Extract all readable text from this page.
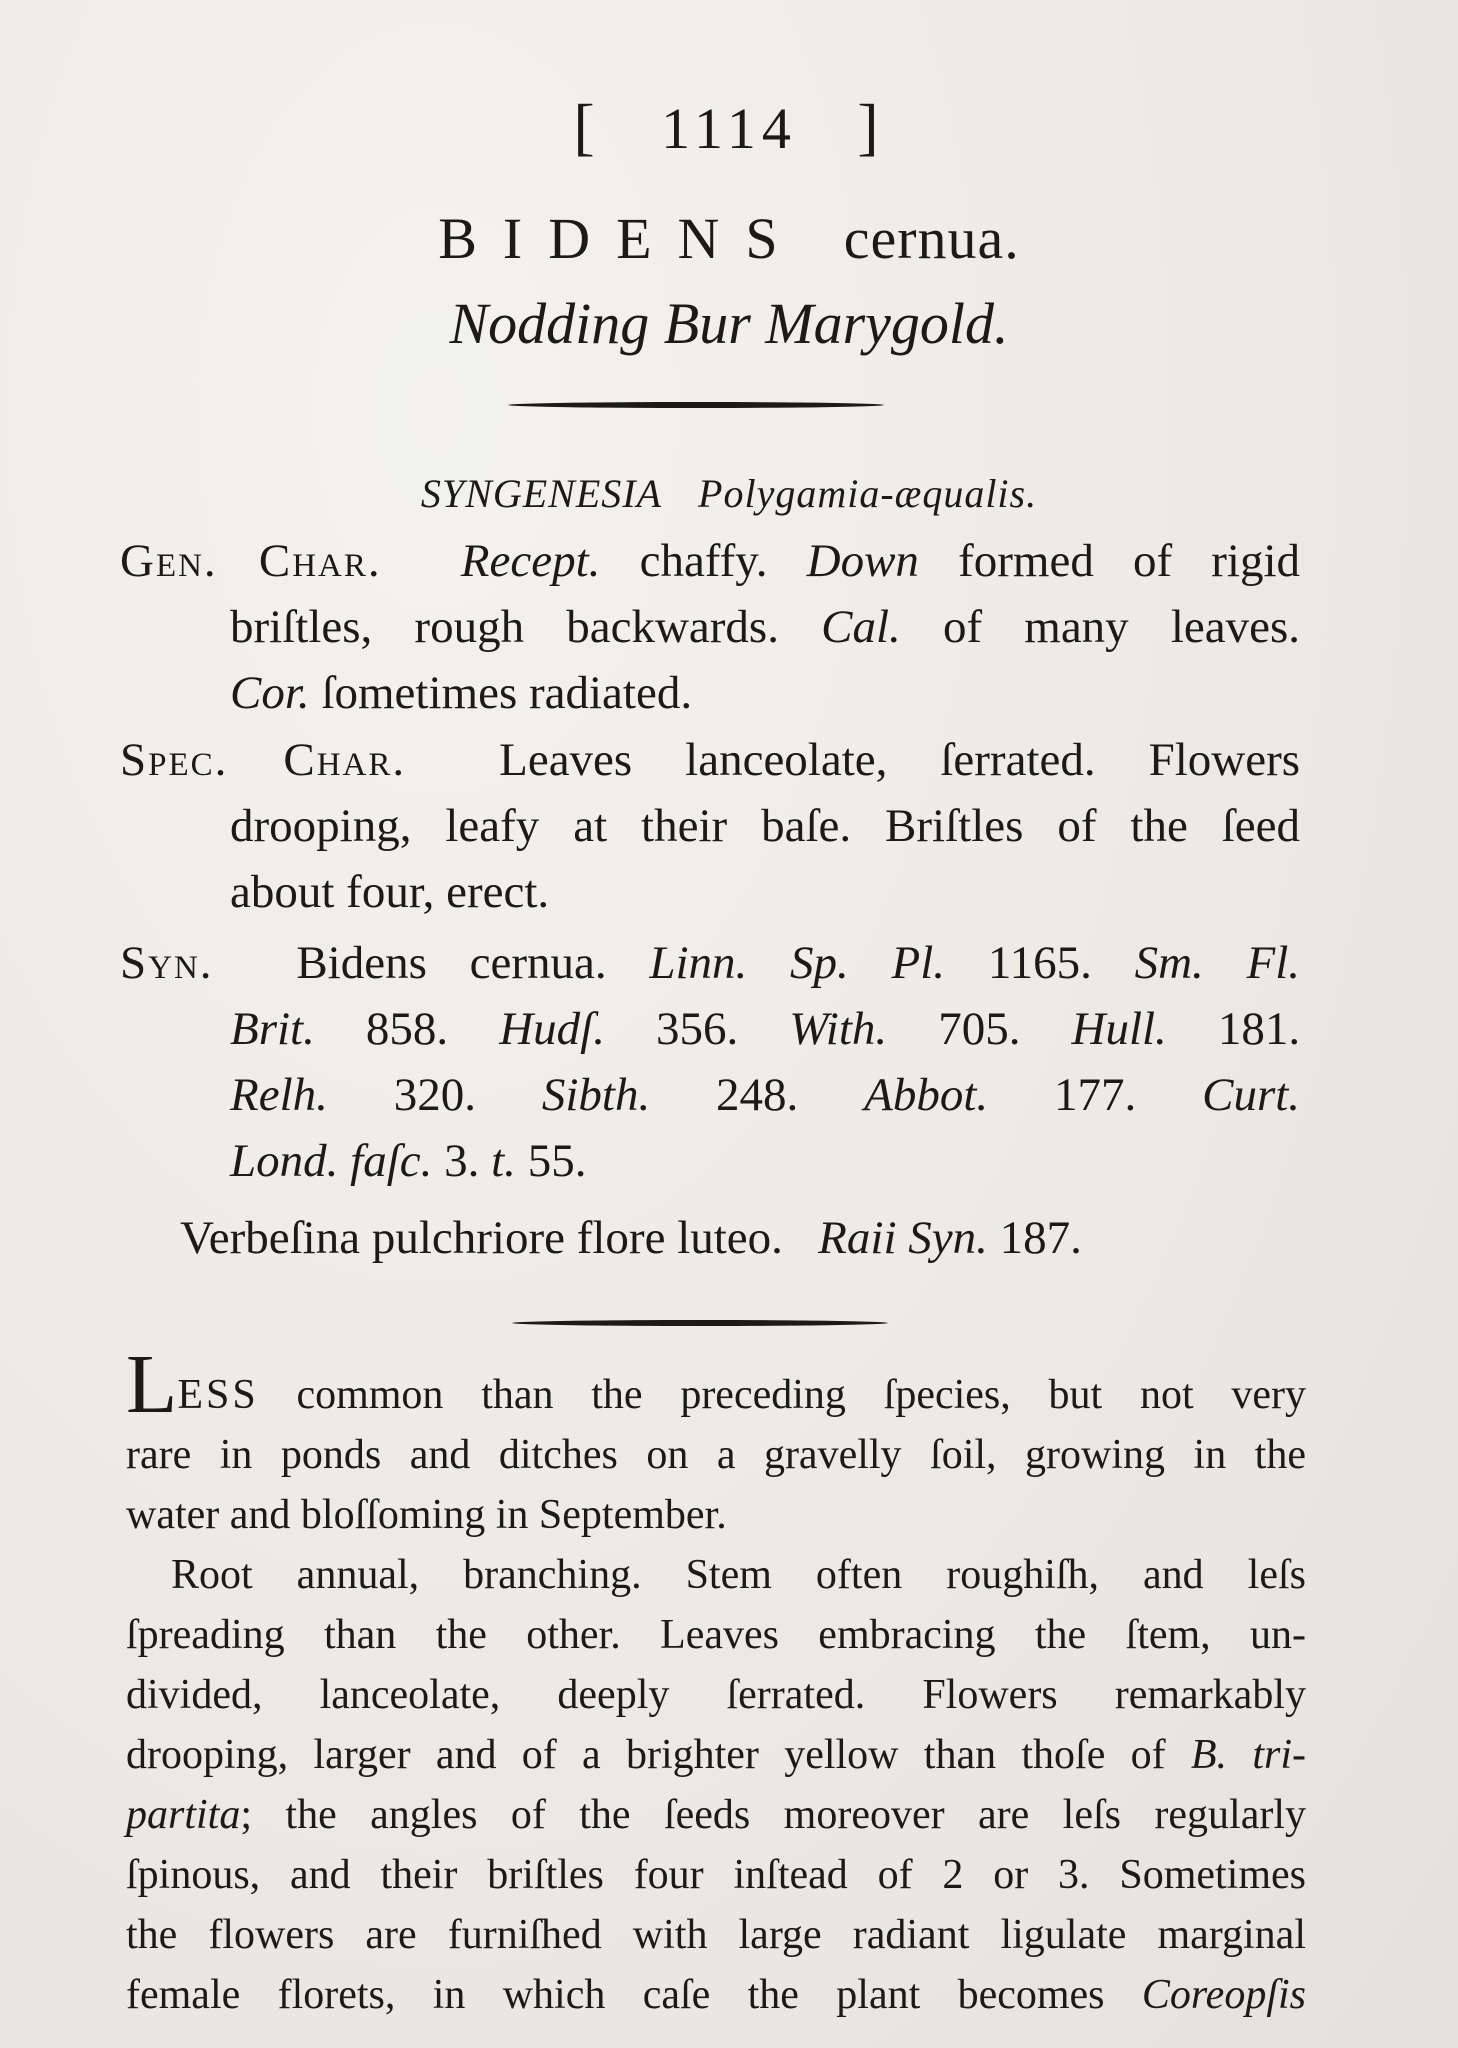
[ 1114 ]
BIDENS cernua.
Nodding Bur Marygold.
SYNGENESIA Polygamia-æqualis.
Gen. Char. Recept. chaffy. Down formed of rigid
briſtles, rough backwards. Cal. of many leaves.
Cor. ſometimes radiated.
Spec. Char. Leaves lanceolate, ſerrated. Flowers
drooping, leafy at their baſe. Briſtles of the ſeed
about four, erect.
Syn. Bidens cernua. Linn. Sp. Pl. 1165. Sm. Fl.
Brit. 858. Hudſ. 356. With. 705. Hull. 181.
Relh. 320. Sibth. 248. Abbot. 177. Curt.
Lond. faſc. 3. t. 55.
Verbeſina pulchriore flore luteo. Raii Syn. 187.
LESS common than the preceding ſpecies, but not very
rare in ponds and ditches on a gravelly ſoil, growing in the
water and bloſſoming in September.
Root annual, branching. Stem often roughiſh, and leſs
ſpreading than the other. Leaves embracing the ſtem, un-
divided, lanceolate, deeply ſerrated. Flowers remarkably
drooping, larger and of a brighter yellow than thoſe of B. tri-
partita; the angles of the ſeeds moreover are leſs regularly
ſpinous, and their briſtles four inſtead of 2 or 3. Sometimes
the flowers are furniſhed with large radiant ligulate marginal
female florets, in which caſe the plant becomes Coreopſis
